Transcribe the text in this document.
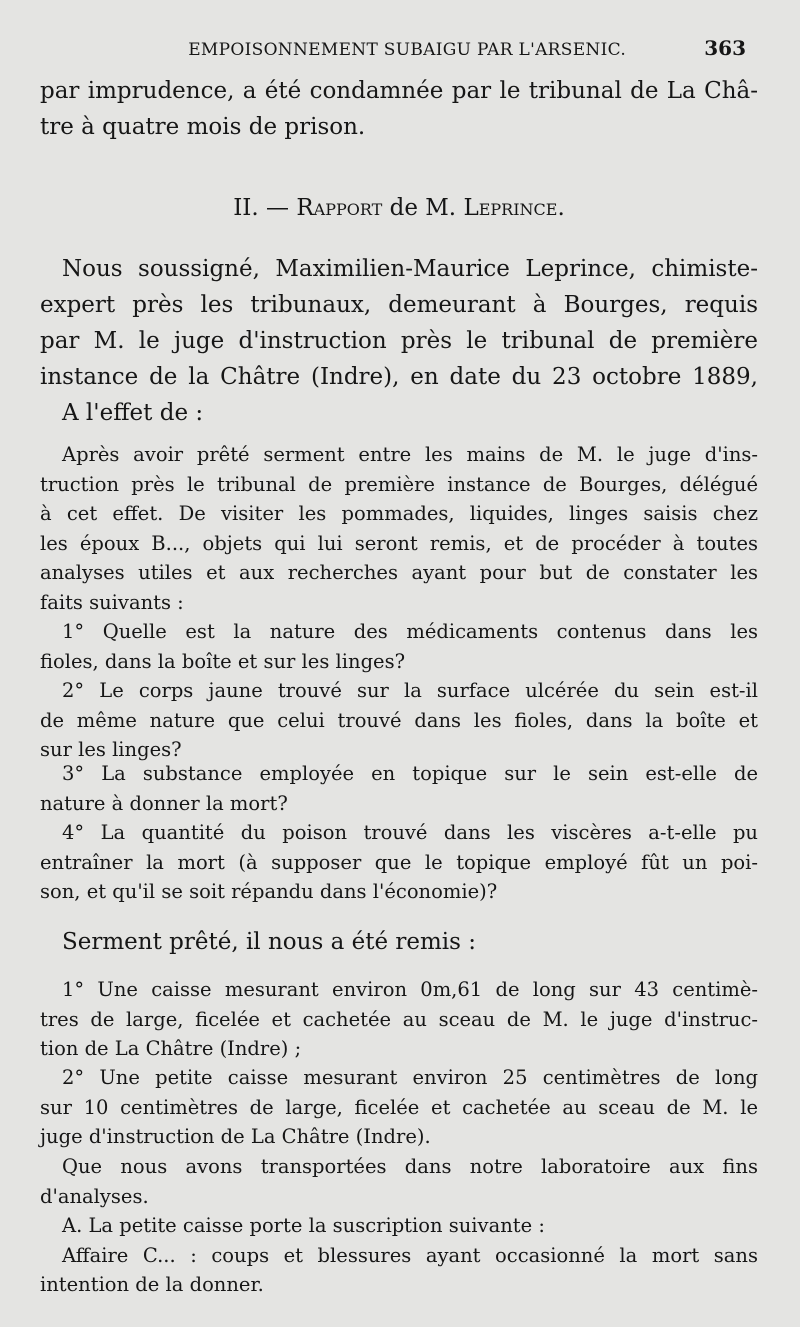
EMPOISONNEMENT SUBAIGU PAR L'ARSENIC.	363

par imprudence, a été condamnée par le tribunal de La Châ-
tre à quatre mois de prison.

II. — Rapport de M. Leprince.

Nous soussigné, Maximilien-Maurice Leprince, chimiste-
expert près les tribunaux, demeurant à Bourges, requis
par M. le juge d'instruction près le tribunal de première
instance de la Châtre (Indre), en date du 23 octobre 1889,
A l'effet de :

Après avoir prêté serment entre les mains de M. le juge d'ins-
truction près le tribunal de première instance de Bourges, délégué
à cet effet. De visiter les pommades, liquides, linges saisis chez
les époux B..., objets qui lui seront remis, et de procéder à toutes
analyses utiles et aux recherches ayant pour but de constater les
faits suivants :

1° Quelle est la nature des médicaments contenus dans les
fioles, dans la boîte et sur les linges?

2° Le corps jaune trouvé sur la surface ulcérée du sein est-il
de même nature que celui trouvé dans les fioles, dans la boîte et
sur les linges?

3° La substance employée en topique sur le sein est-elle de
nature à donner la mort?

4° La quantité du poison trouvé dans les viscères a-t-elle pu
entraîner la mort (à supposer que le topique employé fût un poi-
son, et qu'il se soit répandu dans l'économie)?

Serment prêté, il nous a été remis :

1° Une caisse mesurant environ 0m,61 de long sur 43 centimè-
tres de large, ficelée et cachetée au sceau de M. le juge d'instruc-
tion de La Châtre (Indre) ;

2° Une petite caisse mesurant environ 25 centimètres de long
sur 10 centimètres de large, ficelée et cachetée au sceau de M. le
juge d'instruction de La Châtre (Indre).

Que nous avons transportées dans notre laboratoire aux fins
d'analyses.
A. La petite caisse porte la suscription suivante :
Affaire C... : coups et blessures ayant occasionné la mort sans
intention de la donner.
